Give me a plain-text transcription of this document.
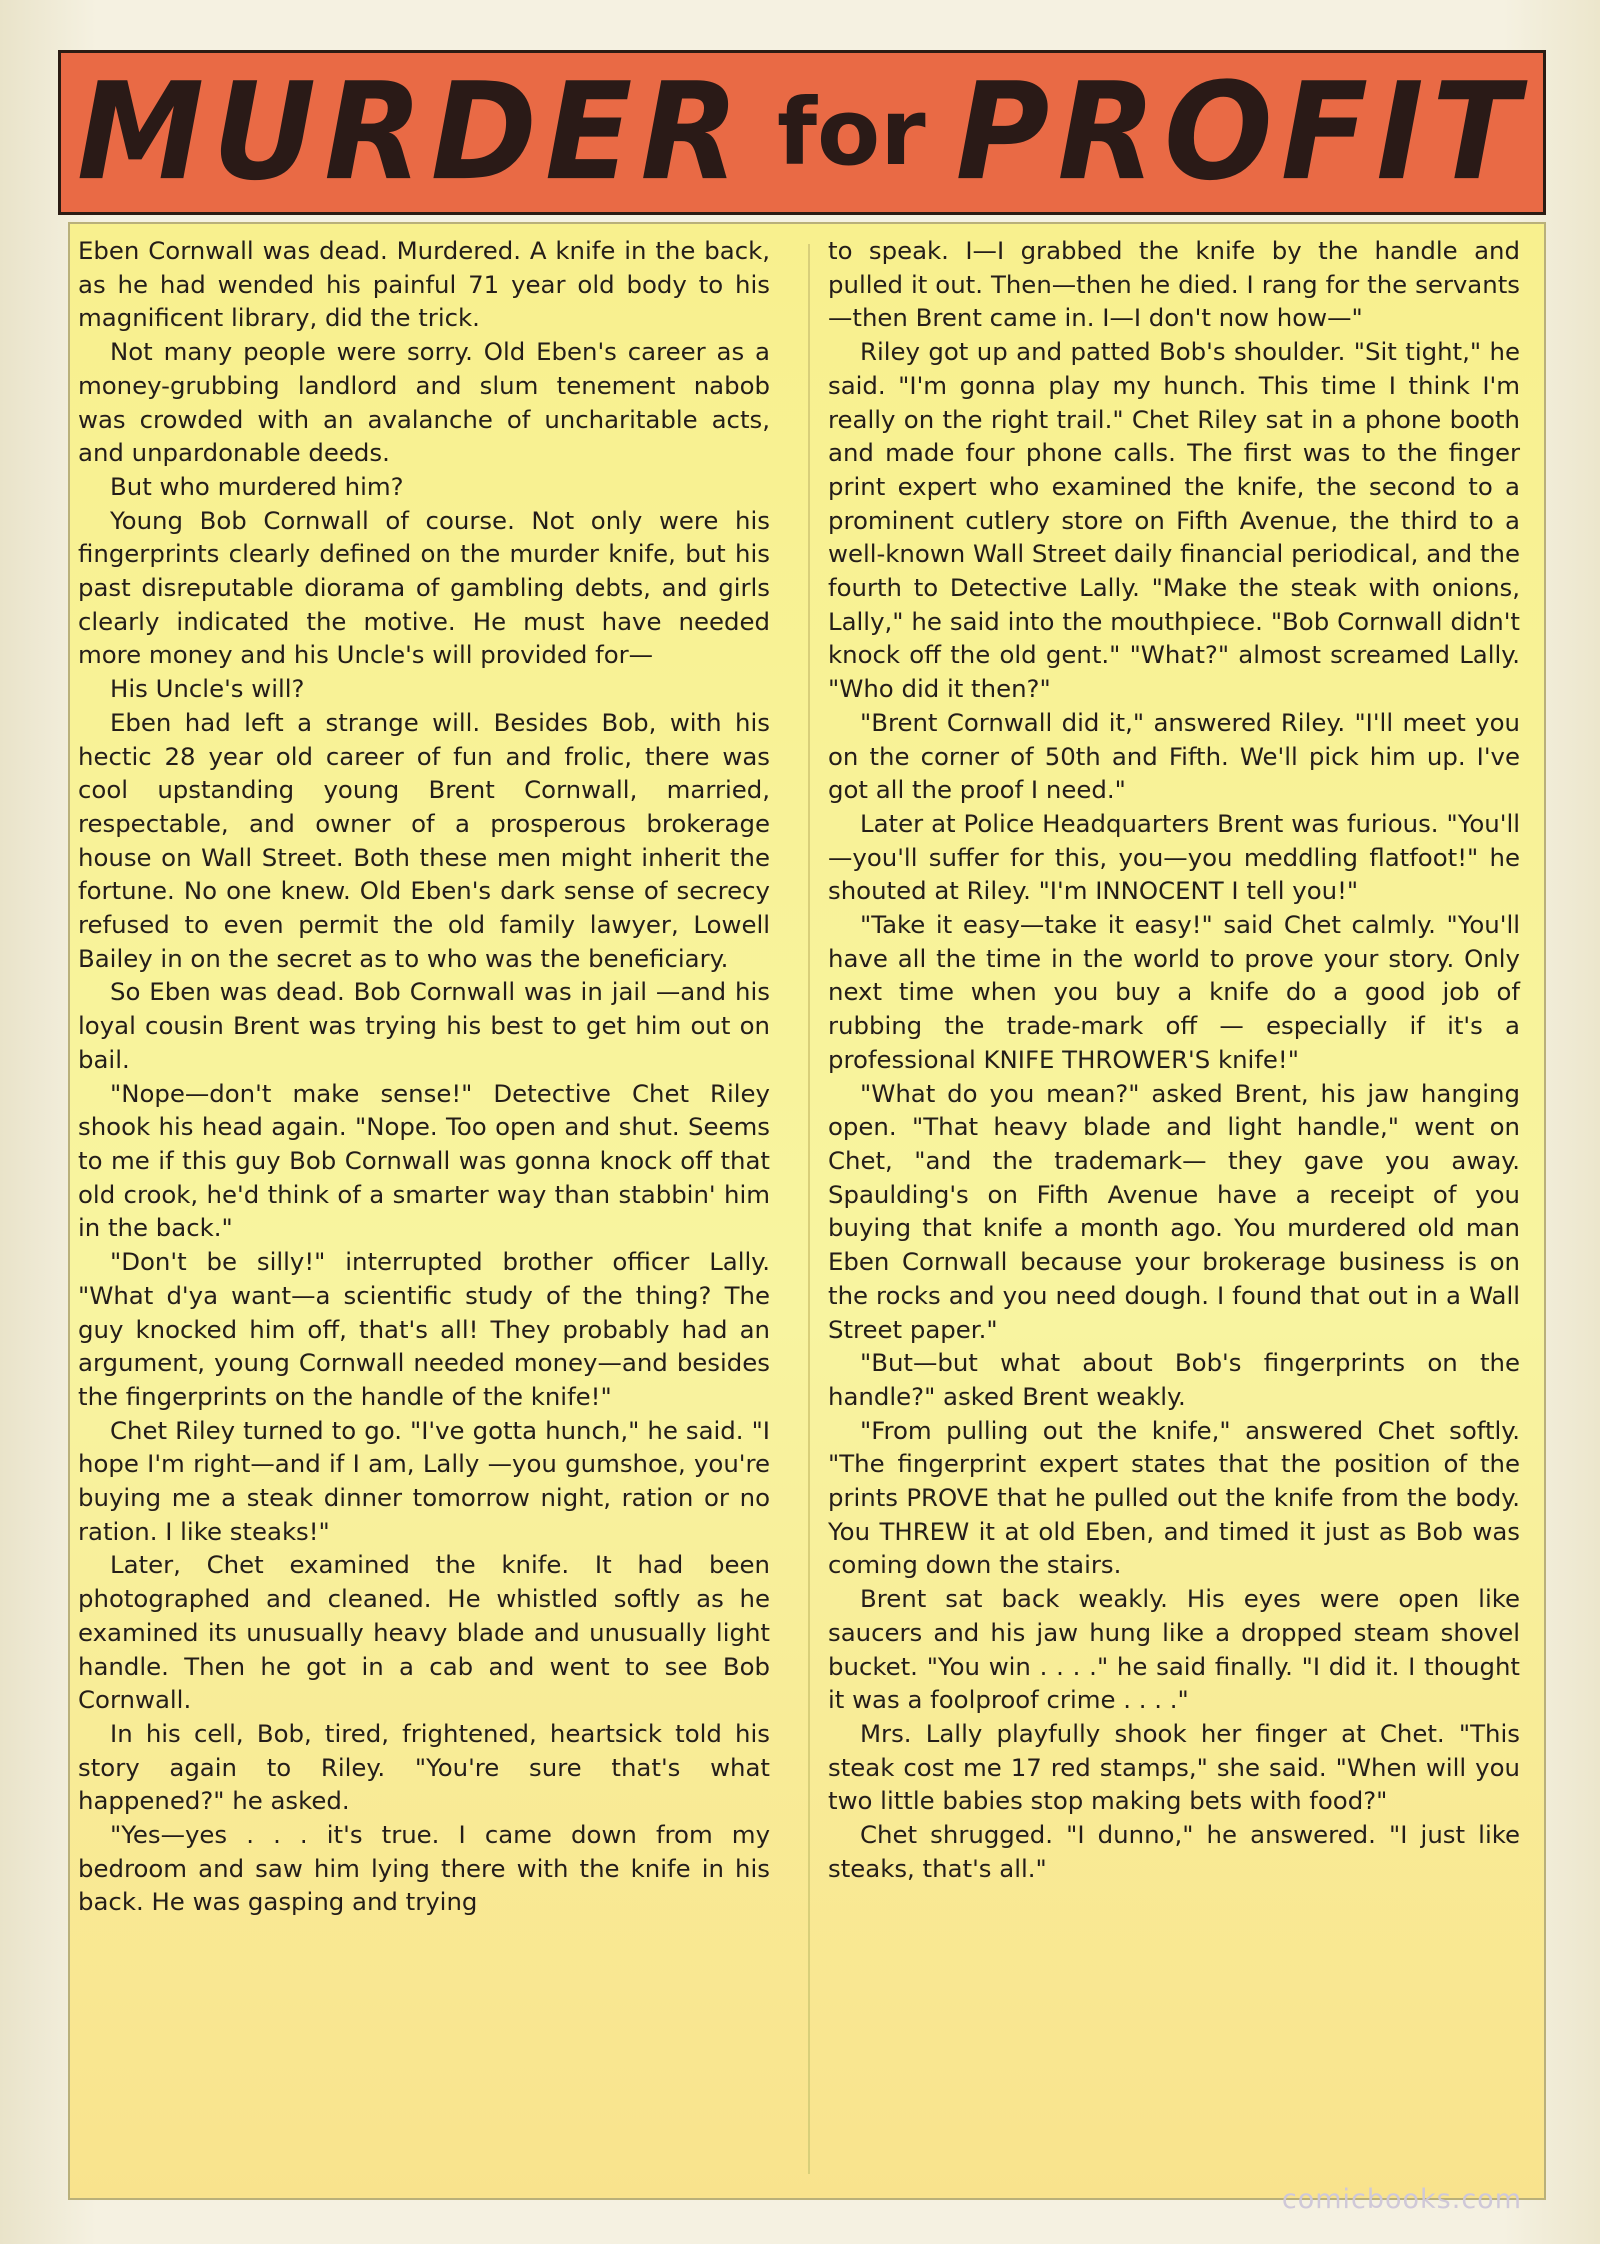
MURDER for PROFIT

Eben Cornwall was dead. Murdered. A knife in the back, as he had wended his painful 71 year old body to his magnificent library, did the trick.

Not many people were sorry. Old Eben's career as a money-grubbing landlord and slum tenement nabob was crowded with an avalanche of uncharitable acts, and unpardonable deeds.

But who murdered him?

Young Bob Cornwall of course. Not only were his fingerprints clearly defined on the murder knife, but his past disreputable diorama of gambling debts, and girls clearly indicated the motive. He must have needed more money and his Uncle's will provided for—

His Uncle's will?

Eben had left a strange will. Besides Bob, with his hectic 28 year old career of fun and frolic, there was cool upstanding young Brent Cornwall, married, respectable, and owner of a prosperous brokerage house on Wall Street. Both these men might inherit the fortune. No one knew. Old Eben's dark sense of secrecy refused to even permit the old family lawyer, Lowell Bailey in on the secret as to who was the beneficiary.

So Eben was dead. Bob Cornwall was in jail —and his loyal cousin Brent was trying his best to get him out on bail.

"Nope—don't make sense!" Detective Chet Riley shook his head again. "Nope. Too open and shut. Seems to me if this guy Bob Cornwall was gonna knock off that old crook, he'd think of a smarter way than stabbin' him in the back."

"Don't be silly!" interrupted brother officer Lally. "What d'ya want—a scientific study of the thing? The guy knocked him off, that's all! They probably had an argument, young Cornwall needed money—and besides the fingerprints on the handle of the knife!"

Chet Riley turned to go. "I've gotta hunch," he said. "I hope I'm right—and if I am, Lally —you gumshoe, you're buying me a steak dinner tomorrow night, ration or no ration. I like steaks!"

Later, Chet examined the knife. It had been photographed and cleaned. He whistled softly as he examined its unusually heavy blade and unusually light handle. Then he got in a cab and went to see Bob Cornwall.

In his cell, Bob, tired, frightened, heartsick told his story again to Riley. "You're sure that's what happened?" he asked.

"Yes—yes . . . it's true. I came down from my bedroom and saw him lying there with the knife in his back. He was gasping and trying

to speak. I—I grabbed the knife by the handle and pulled it out. Then—then he died. I rang for the servants—then Brent came in. I—I don't now how—"

Riley got up and patted Bob's shoulder. "Sit tight," he said. "I'm gonna play my hunch. This time I think I'm really on the right trail." Chet Riley sat in a phone booth and made four phone calls. The first was to the finger print expert who examined the knife, the second to a prominent cutlery store on Fifth Avenue, the third to a well-known Wall Street daily financial periodical, and the fourth to Detective Lally. "Make the steak with onions, Lally," he said into the mouthpiece. "Bob Cornwall didn't knock off the old gent." "What?" almost screamed Lally. "Who did it then?"

"Brent Cornwall did it," answered Riley. "I'll meet you on the corner of 50th and Fifth. We'll pick him up. I've got all the proof I need."

Later at Police Headquarters Brent was furious. "You'll—you'll suffer for this, you—you meddling flatfoot!" he shouted at Riley. "I'm INNOCENT I tell you!"

"Take it easy—take it easy!" said Chet calmly. "You'll have all the time in the world to prove your story. Only next time when you buy a knife do a good job of rubbing the trade-mark off — especially if it's a professional KNIFE THROWER'S knife!"

"What do you mean?" asked Brent, his jaw hanging open. "That heavy blade and light handle," went on Chet, "and the trademark— they gave you away. Spaulding's on Fifth Avenue have a receipt of you buying that knife a month ago. You murdered old man Eben Cornwall because your brokerage business is on the rocks and you need dough. I found that out in a Wall Street paper."

"But—but what about Bob's fingerprints on the handle?" asked Brent weakly.

"From pulling out the knife," answered Chet softly. "The fingerprint expert states that the position of the prints PROVE that he pulled out the knife from the body. You THREW it at old Eben, and timed it just as Bob was coming down the stairs.

Brent sat back weakly. His eyes were open like saucers and his jaw hung like a dropped steam shovel bucket. "You win . . . ." he said finally. "I did it. I thought it was a foolproof crime . . . ."

Mrs. Lally playfully shook her finger at Chet. "This steak cost me 17 red stamps," she said. "When will you two little babies stop making bets with food?"

Chet shrugged. "I dunno," he answered. "I just like steaks, that's all."

comicbooks.com
